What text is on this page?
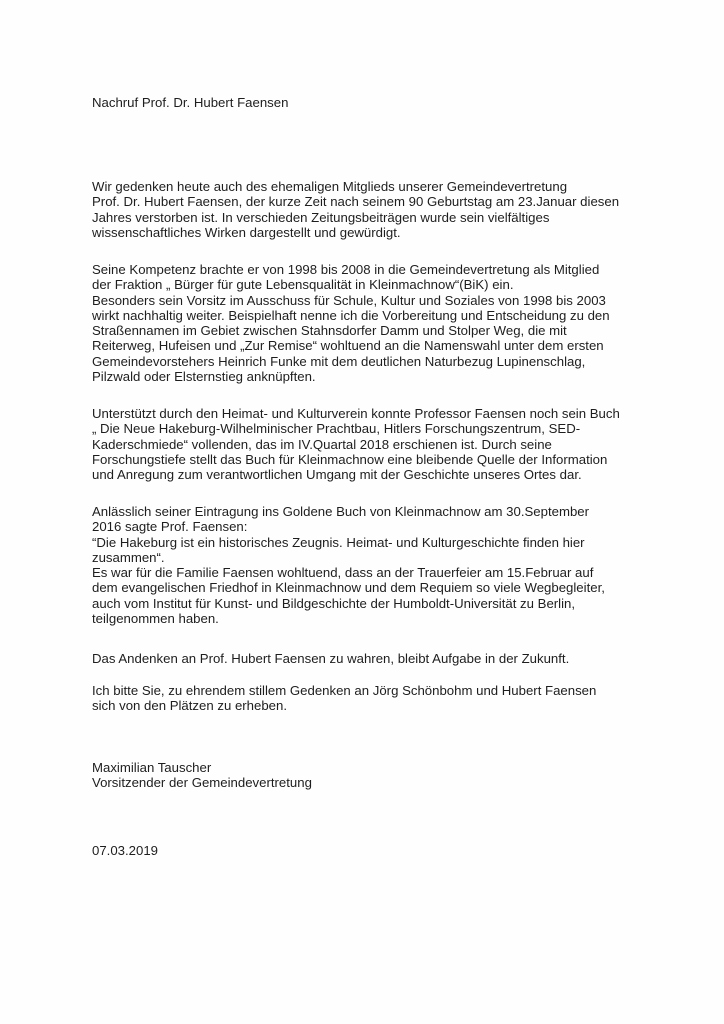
Nachruf Prof. Dr. Hubert Faensen

Wir gedenken heute auch des ehemaligen Mitglieds unserer Gemeindevertretung
Prof. Dr. Hubert Faensen, der kurze Zeit nach seinem 90 Geburtstag am 23.Januar diesen
Jahres verstorben ist. In verschieden Zeitungsbeiträgen wurde sein vielfältiges
wissenschaftliches Wirken dargestellt und gewürdigt.

Seine Kompetenz brachte er von 1998 bis 2008 in die Gemeindevertretung als Mitglied
der Fraktion „ Bürger für gute Lebensqualität in Kleinmachnow“(BiK) ein.
Besonders sein Vorsitz im Ausschuss für Schule, Kultur und Soziales von 1998 bis 2003
wirkt nachhaltig weiter. Beispielhaft nenne ich die Vorbereitung und Entscheidung zu den
Straßennamen im Gebiet zwischen Stahnsdorfer Damm und Stolper Weg, die mit
Reiterweg, Hufeisen und „Zur Remise“ wohltuend an die Namenswahl unter dem ersten
Gemeindevorstehers Heinrich Funke mit dem deutlichen Naturbezug Lupinenschlag,
Pilzwald oder Elsternstieg anknüpften.

Unterstützt durch den Heimat- und Kulturverein konnte Professor Faensen noch sein Buch
„ Die Neue Hakeburg-Wilhelminischer Prachtbau, Hitlers Forschungszentrum, SED-
Kaderschmiede“ vollenden, das im IV.Quartal 2018 erschienen ist. Durch seine
Forschungstiefe stellt das Buch für Kleinmachnow eine bleibende Quelle der Information
und Anregung zum verantwortlichen Umgang mit der Geschichte unseres Ortes dar.

Anlässlich seiner Eintragung ins Goldene Buch von Kleinmachnow am 30.September
2016 sagte Prof. Faensen:
“Die Hakeburg ist ein historisches Zeugnis. Heimat- und Kulturgeschichte finden hier
zusammen“.
Es war für die Familie Faensen wohltuend, dass an der Trauerfeier am 15.Februar auf
dem evangelischen Friedhof in Kleinmachnow und dem Requiem so viele Wegbegleiter,
auch vom Institut für Kunst- und Bildgeschichte der Humboldt-Universität zu Berlin,
teilgenommen haben.

Das Andenken an Prof. Hubert Faensen zu wahren, bleibt Aufgabe in der Zukunft.

Ich bitte Sie, zu ehrendem stillem Gedenken an Jörg Schönbohm und Hubert Faensen
sich von den Plätzen zu erheben.

Maximilian Tauscher
Vorsitzender der Gemeindevertretung

07.03.2019
